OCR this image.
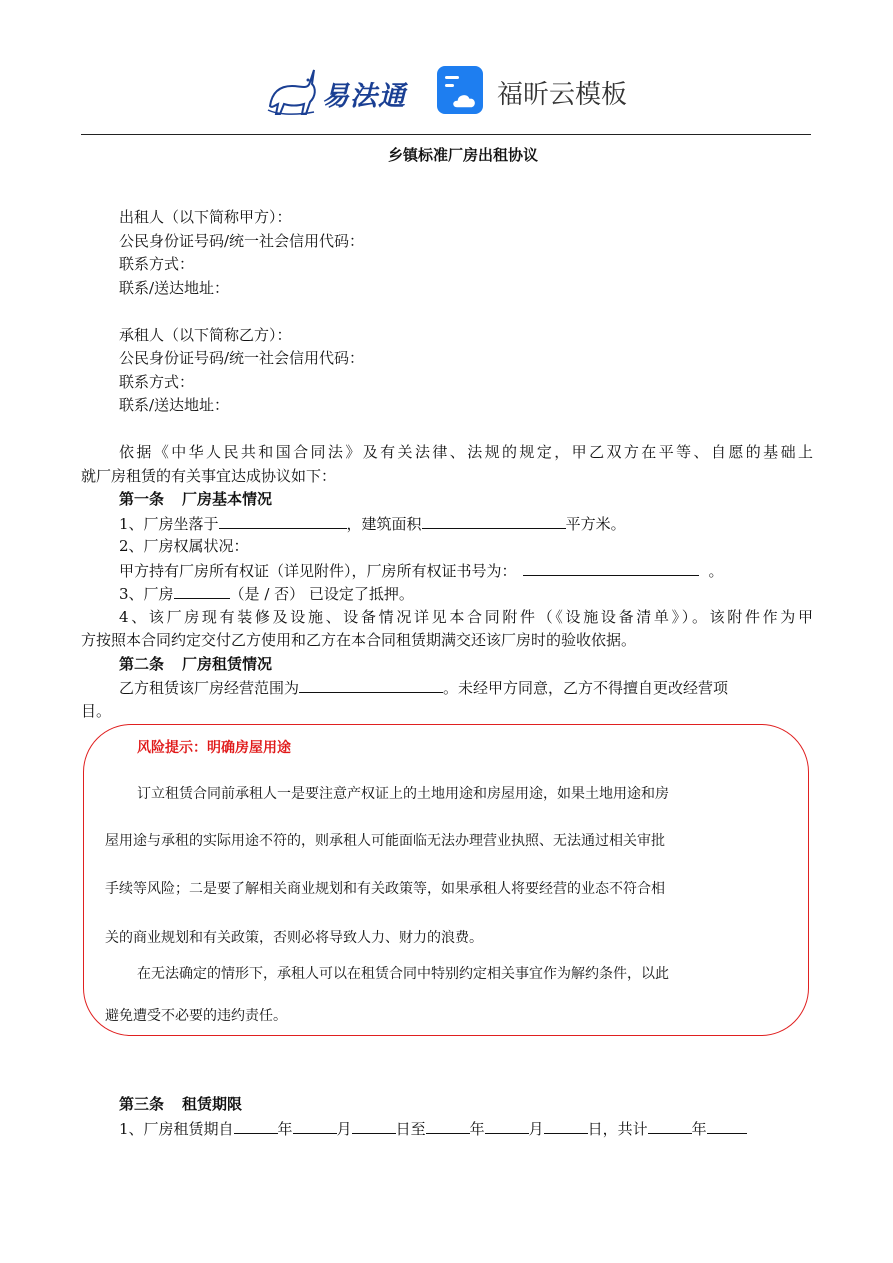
易法通	福昕云模板
乡镇标准厂房出租协议
出租人（以下简称甲方）：
公民身份证号码/统一社会信用代码：
联系方式：
联系/送达地址：
承租人（以下简称乙方）：
公民身份证号码/统一社会信用代码：
联系方式：
联系/送达地址：
依据《中华人民共和国合同法》及有关法律、法规的规定，甲乙双方在平等、自愿的基础上
就厂房租赁的有关事宜达成协议如下：
第一条 厂房基本情况
1、厂房坐落于	，建筑面积	平方米。
2、厂房权属状况：
甲方持有厂房所有权证（详见附件），厂房所有权证书号为：	。
3、厂房	（是 / 否） 已设定了抵押。
4、该厂房现有装修及设施、设备情况详见本合同附件（《设施设备清单》）。该附件作为甲
方按照本合同约定交付乙方使用和乙方在本合同租赁期满交还该厂房时的验收依据。
第二条 厂房租赁情况
乙方租赁该厂房经营范围为	。未经甲方同意，乙方不得擅自更改经营项
目。
风险提示：明确房屋用途
订立租赁合同前承租人一是要注意产权证上的土地用途和房屋用途，如果土地用途和房
屋用途与承租的实际用途不符的，则承租人可能面临无法办理营业执照、无法通过相关审批
手续等风险；二是要了解相关商业规划和有关政策等，如果承租人将要经营的业态不符合相
关的商业规划和有关政策，否则必将导致人力、财力的浪费。
在无法确定的情形下，承租人可以在租赁合同中特别约定相关事宜作为解约条件，以此
避免遭受不必要的违约责任。
第三条 租赁期限
1、厂房租赁期自	年	月	日至	年	月	日，共计	年
